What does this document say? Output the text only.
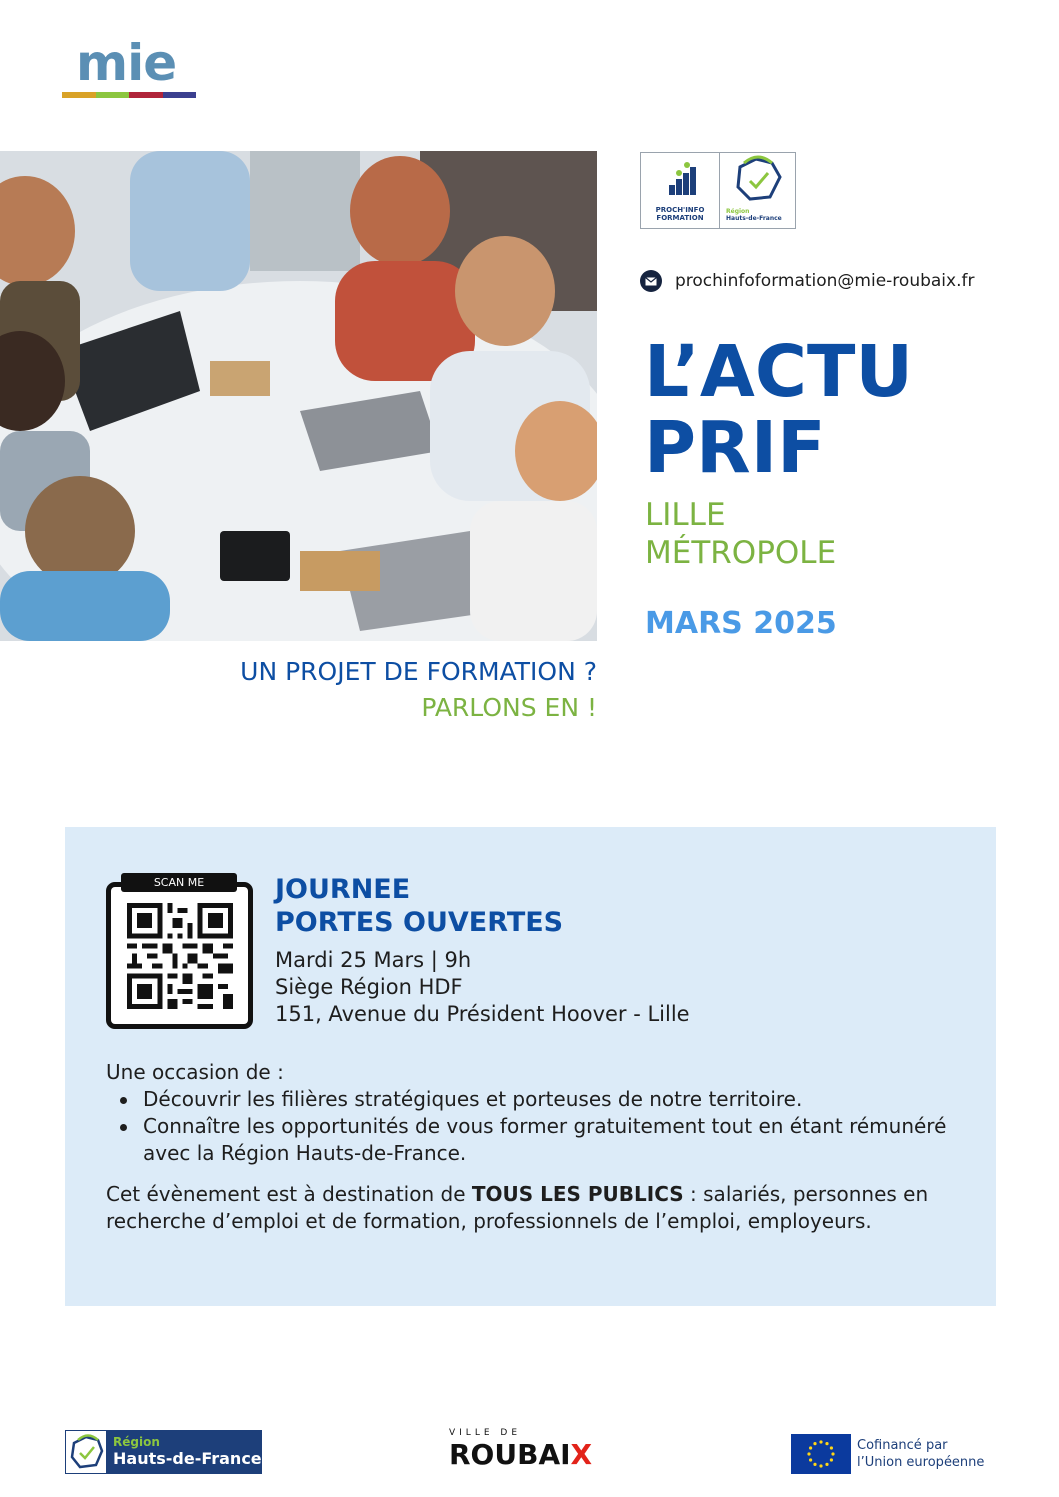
mie
PROCH'INFO FORMATION
Région
Hauts-de-France
prochinfoformation@mie-roubaix.fr
L’ACTU
PRIF
LILLE
MÉTROPOLE
MARS 2025
UN PROJET DE FORMATION ?
PARLONS EN !
SCAN ME	JOURNEE
PORTES OUVERTES
Mardi 25 Mars | 9h
Siège Région HDF
151, Avenue du Président Hoover - Lille
Une occasion de :
Découvrir les filières stratégiques et porteuses de notre territoire.
Connaître les opportunités de vous former gratuitement tout en étant rémunéré avec la Région Hauts-de-France.
Cet évènement est à destination de TOUS LES PUBLICS : salariés, personnes en recherche d’emploi et de formation, professionnels de l’emploi, employeurs.
Région
Hauts-de-France
VILLE DE
ROUBAIX	Cofinancé par
l’Union européenne
